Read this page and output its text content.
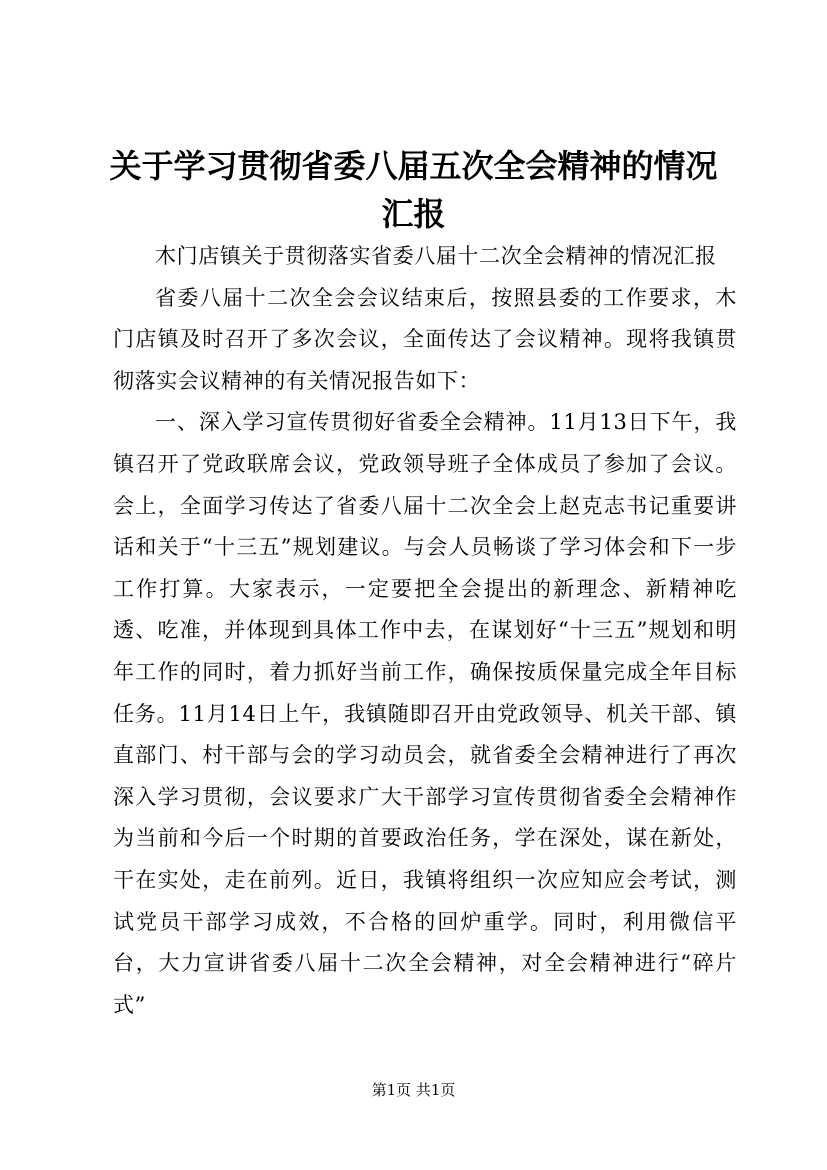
关于学习贯彻省委八届五次全会精神的情况汇报

木门店镇关于贯彻落实省委八届十二次全会精神的情况汇报

省委八届十二次全会会议结束后，按照县委的工作要求，木门店镇及时召开了多次会议，全面传达了会议精神。现将我镇贯彻落实会议精神的有关情况报告如下：

一、深入学习宣传贯彻好省委全会精神。11月13日下午，我镇召开了党政联席会议，党政领导班子全体成员了参加了会议。会上，全面学习传达了省委八届十二次全会上赵克志书记重要讲话和关于“十三五”规划建议。与会人员畅谈了学习体会和下一步工作打算。大家表示，一定要把全会提出的新理念、新精神吃透、吃准，并体现到具体工作中去，在谋划好“十三五”规划和明年工作的同时，着力抓好当前工作，确保按质保量完成全年目标任务。11月14日上午，我镇随即召开由党政领导、机关干部、镇直部门、村干部与会的学习动员会，就省委全会精神进行了再次深入学习贯彻，会议要求广大干部学习宣传贯彻省委全会精神作为当前和今后一个时期的首要政治任务，学在深处，谋在新处，干在实处，走在前列。近日，我镇将组织一次应知应会考试，测试党员干部学习成效，不合格的回炉重学。同时，利用微信平台，大力宣讲省委八届十二次全会精神，对全会精神进行“碎片式”

第1页 共1页
